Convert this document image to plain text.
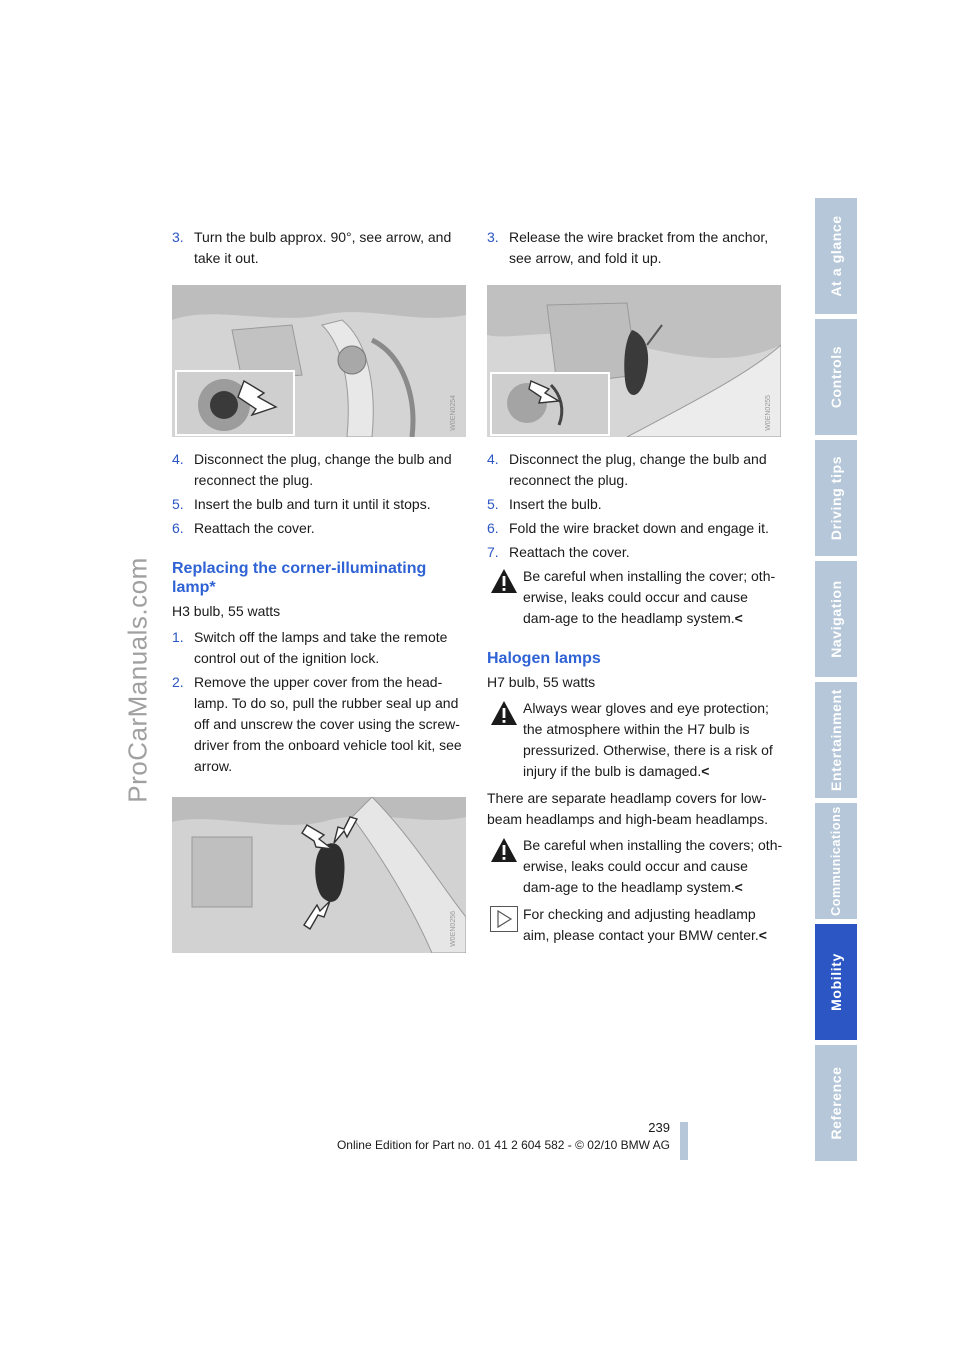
ProCarManuals.com
At a glance
Controls
Driving tips
Navigation
Entertainment
Communications
Mobility
Reference
3. Turn the bulb approx. 90°, see arrow, and take it out.
W0EN0254
4. Disconnect the plug, change the bulb and reconnect the plug.
5. Insert the bulb and turn it until it stops.
6. Reattach the cover.
Replacing the corner-illuminating lamp*

H3 bulb, 55 watts

1. Switch off the lamps and take the remote control out of the ignition lock.
2. Remove the upper cover from the head-lamp. To do so, pull the rubber seal up and off and unscrew the cover using the screw-driver from the onboard vehicle tool kit, see arrow.
W0EN0256
3. Release the wire bracket from the anchor, see arrow, and fold it up.
W0EN0255
4. Disconnect the plug, change the bulb and reconnect the plug.
5. Insert the bulb.
6. Fold the wire bracket down and engage it.
7. Reattach the cover.
Be careful when installing the cover; oth-erwise, leaks could occur and cause dam-age to the headlamp system.<
Halogen lamps

H7 bulb, 55 watts

Always wear gloves and eye protection; the atmosphere within the H7 bulb is pressurized. Otherwise, there is a risk of injury if the bulb is damaged.<

There are separate headlamp covers for low-beam headlamps and high-beam headlamps.

Be careful when installing the covers; oth-erwise, leaks could occur and cause dam-age to the headlamp system.<
For checking and adjusting headlamp aim, please contact your BMW center.<
239
Online Edition for Part no. 01 41 2 604 582 - © 02/10 BMW AG
